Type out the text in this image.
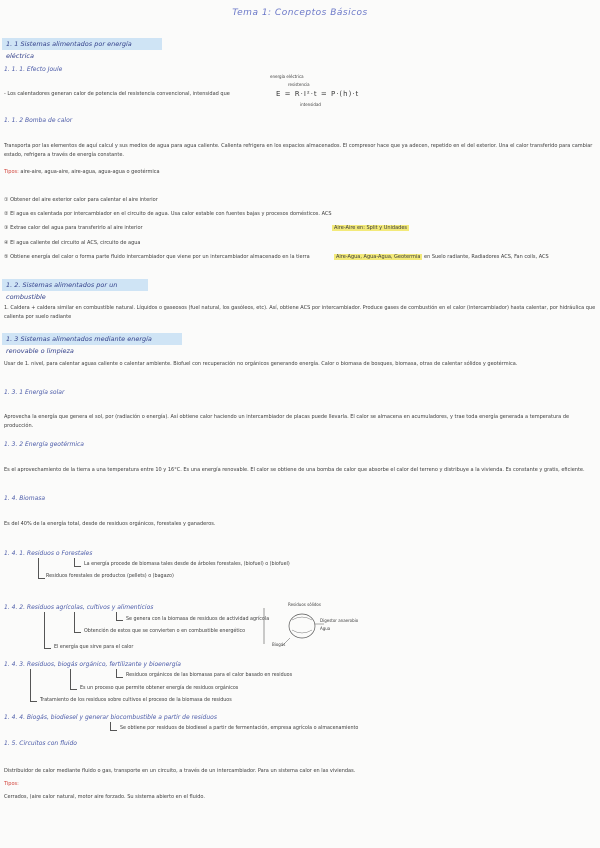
Tema 1: Conceptos Básicos
1. 1 Sistemas alimentados por energía eléctrica
1. 1. 1. Efecto Joule
- Los calentadores generan calor de potencia del resistencia convencional, intensidad que
energía eléctrica
resistencia
E = R·I²·t = P·(h)·t
intensidad
1. 1. 2 Bomba de calor
Transporta por las elementos de aquí calcul y sus medios de agua para agua caliente. Calienta refrigera en los espacios almacenados. El compresor hace que ya adecen, repetido en el del exterior. Una el calor transferido para cambiar estado, refrigera a través de energía constante.
Tipos: aire-aire, agua-aire, aire-agua, agua-agua o geotérmica
① Obtener del aire exterior calor para calentar el aire interior
② El agua es calentada por intercambiador en el circuito de agua. Usa calor estable con fuentes bajas y procesos domésticos. ACS
③ Extrae calor del agua para transferirlo al aire interior	Aire-Aire en: Split y Unidades
④ El agua caliente del circuito al ACS, circuito de agua
⑤ Obtiene energía del calor o forma parte fluido intercambiador que viene por un intercambiador almacenado en la tierra	Aire-Agua, Agua-Agua, Geotermia en Suelo radiante, Radiadores ACS, Fan coils, ACS
1. 2. Sistemas alimentados por un combustible
1. Caldera + caldera similar en combustible natural. Líquidos o gaseosos (fuel natural, los gasóleos, etc). Así, obtiene ACS por intercambiador. Produce gases de combustión en el calor (intercambiador) hasta calentar, por hidráulica que calienta por suelo radiante
1. 3 Sistemas alimentados mediante energía renovable o limpieza
Usar de 1. nivel, para calentar aguas caliente o calentar ambiente. Biofuel con recuperación no orgánicos generando energía. Calor o biomasa de bosques, biomasa, otras de calentar sólidos y geotérmica.
1. 3. 1 Energía solar
Aprovecha la energía que genera el sol, por (radiación o energía). Así obtiene calor haciendo un intercambiador de placas puede llevarla. El calor se almacena en acumuladores, y trae toda energía generada a temperatura de producción.
1. 3. 2 Energía geotérmica
Es el aprovechamiento de la tierra a una temperatura entre 10 y 16°C. Es una energía renovable. El calor se obtiene de una bomba de calor que absorbe el calor del terreno y distribuye a la vivienda. Es constante y gratis, eficiente.
1. 4. Biomasa
Es del 40% de la energía total, desde de residuos orgánicos, forestales y ganaderos.
1. 4. 1. Residuos o Forestales
La energía procede de biomasa tales desde de árboles forestales, (biofuel) o (biofuel)
Residuos forestales de productos (pellets) o (bagazo)
1. 4. 2. Residuos agrícolas, cultivos y alimenticios
Se genera con la biomasa de residuos de actividad agrícola
Obtención de estos que se convierten o en combustible energético
El energía que sirve para el calor
Residuos sólidos
Digestor anaerobio
Agua
Biogás
1. 4. 3. Residuos, biogás orgánico, fertilizante y bioenergía
Residuos orgánicos de las biomasas para el calor basado en residuos
Es un proceso que permite obtener energía de residuos orgánicos
Tratamiento de los residuos sobre cultivos el proceso de la biomasa de residuos
1. 4. 4. Biogás, biodiesel y generar biocombustible a partir de residuos
Se obtiene por residuos de biodiesel a partir de fermentación, empresa agrícola o almacenamiento
1. 5. Circuitos con fluido
Distribuidor de calor mediante fluido o gas, transporte en un circuito, a través de un intercambiador. Para un sistema calor en las viviendas.
Tipos:
Cerrados, (aire calor natural, motor aire forzado. Su sistema abierto en el fluido.
